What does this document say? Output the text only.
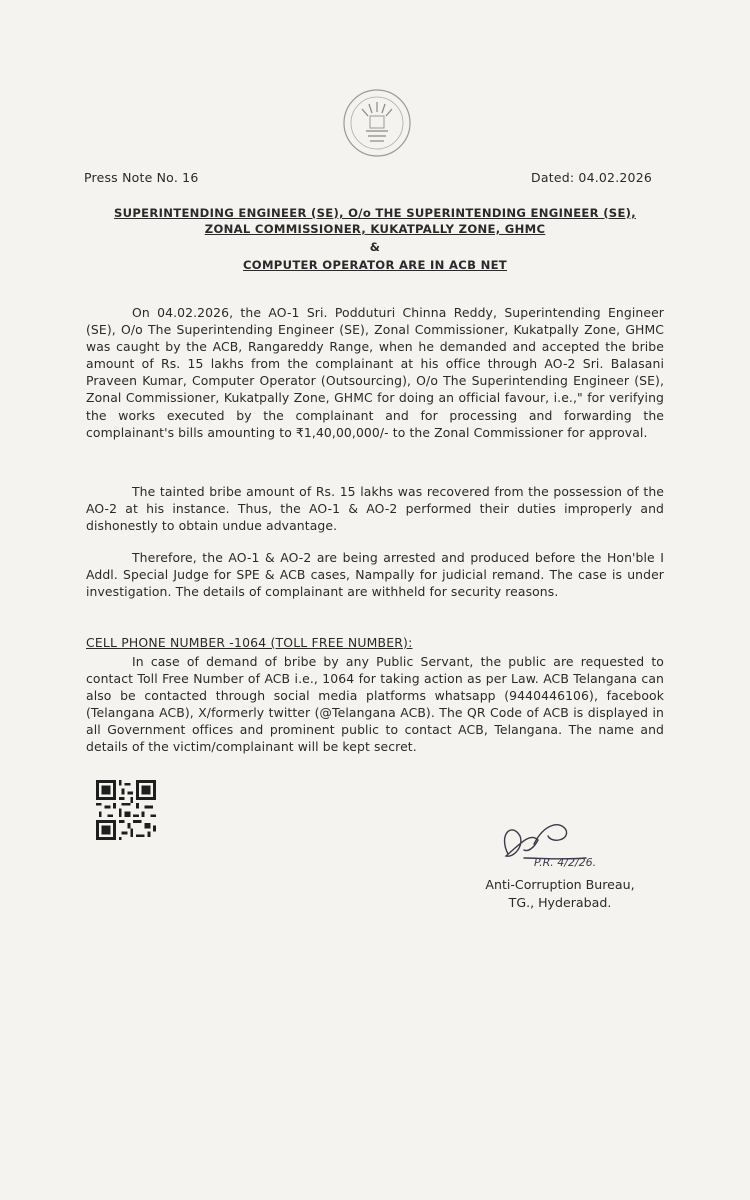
Press Note No. 16	Dated: 04.02.2026
SUPERINTENDING ENGINEER (SE), O/o THE SUPERINTENDING ENGINEER (SE),
ZONAL COMMISSIONER, KUKATPALLY ZONE, GHMC
&
COMPUTER OPERATOR ARE IN ACB NET

On 04.02.2026, the AO-1 Sri. Podduturi Chinna Reddy, Superintending Engineer (SE), O/o The Superintending Engineer (SE), Zonal Commissioner, Kukatpally Zone, GHMC was caught by the ACB, Rangareddy Range, when he demanded and accepted the bribe amount of Rs. 15 lakhs from the complainant at his office through AO-2 Sri. Balasani Praveen Kumar, Computer Operator (Outsourcing), O/o The Superintending Engineer (SE), Zonal Commissioner, Kukatpally Zone, GHMC for doing an official favour, i.e.," for verifying the works executed by the complainant and for processing and forwarding the complainant's bills amounting to ₹1,40,00,000/- to the Zonal Commissioner for approval.

The tainted bribe amount of Rs. 15 lakhs was recovered from the possession of the AO-2 at his instance. Thus, the AO-1 & AO-2 performed their duties improperly and dishonestly to obtain undue advantage.

Therefore, the AO-1 & AO-2 are being arrested and produced before the Hon'ble I Addl. Special Judge for SPE & ACB cases, Nampally for judicial remand. The case is under investigation. The details of complainant are withheld for security reasons.

CELL PHONE NUMBER -1064 (TOLL FREE NUMBER):

In case of demand of bribe by any Public Servant, the public are requested to contact Toll Free Number of ACB i.e., 1064 for taking action as per Law. ACB Telangana can also be contacted through social media platforms whatsapp (9440446106), facebook (Telangana ACB), X/formerly twitter (@Telangana ACB). The QR Code of ACB is displayed in all Government offices and prominent public to contact ACB, Telangana. The name and details of the victim/complainant will be kept secret.

P.R. 4/2/26.
Anti-Corruption Bureau,
TG., Hyderabad.
